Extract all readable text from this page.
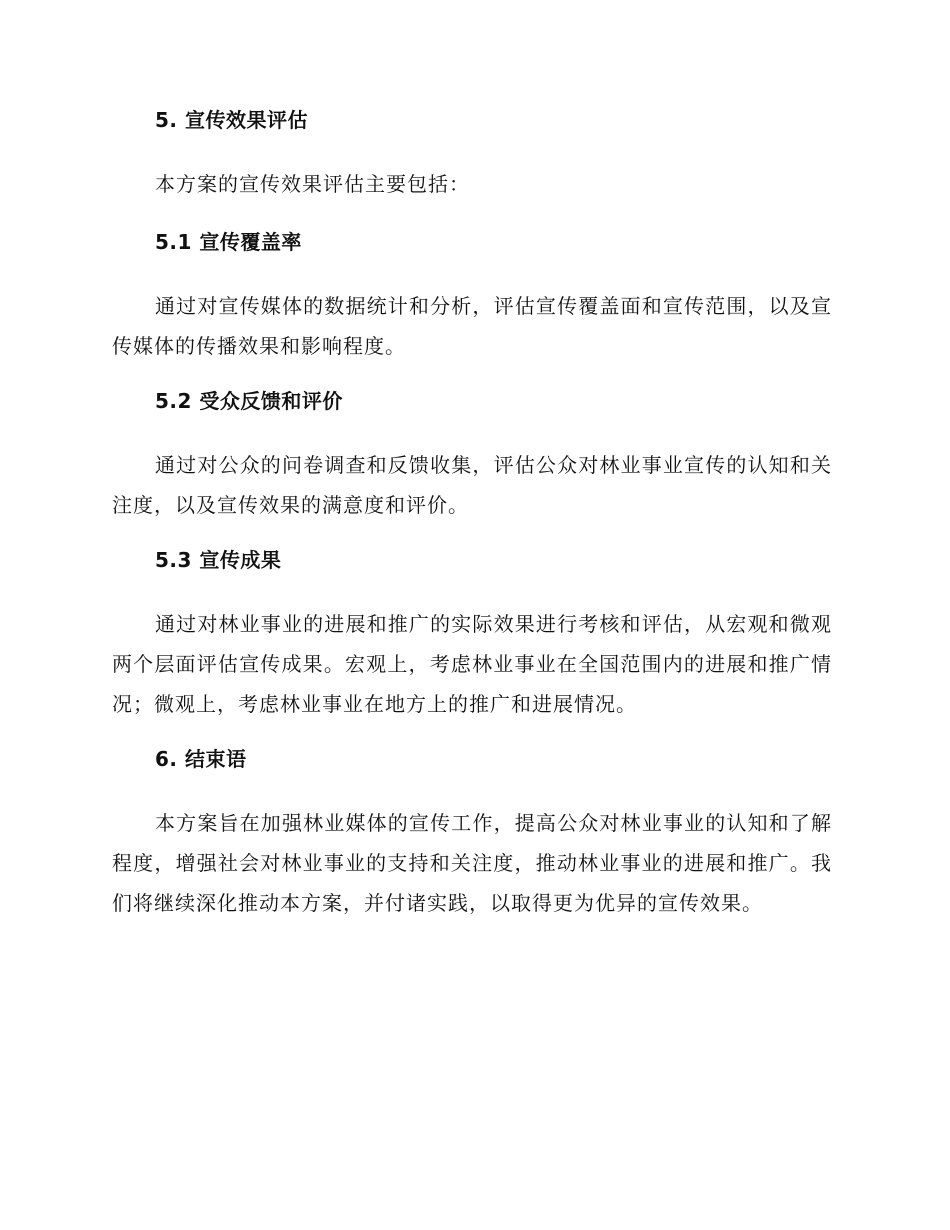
5. 宣传效果评估

本方案的宣传效果评估主要包括：

5.1 宣传覆盖率

通过对宣传媒体的数据统计和分析，评估宣传覆盖面和宣传范围，以及宣传媒体的传播效果和影响程度。

5.2 受众反馈和评价

通过对公众的问卷调查和反馈收集，评估公众对林业事业宣传的认知和关注度，以及宣传效果的满意度和评价。

5.3 宣传成果

通过对林业事业的进展和推广的实际效果进行考核和评估，从宏观和微观两个层面评估宣传成果。宏观上，考虑林业事业在全国范围内的进展和推广情况；微观上，考虑林业事业在地方上的推广和进展情况。

6. 结束语

本方案旨在加强林业媒体的宣传工作，提高公众对林业事业的认知和了解程度，增强社会对林业事业的支持和关注度，推动林业事业的进展和推广。我们将继续深化推动本方案，并付诸实践，以取得更为优异的宣传效果。
